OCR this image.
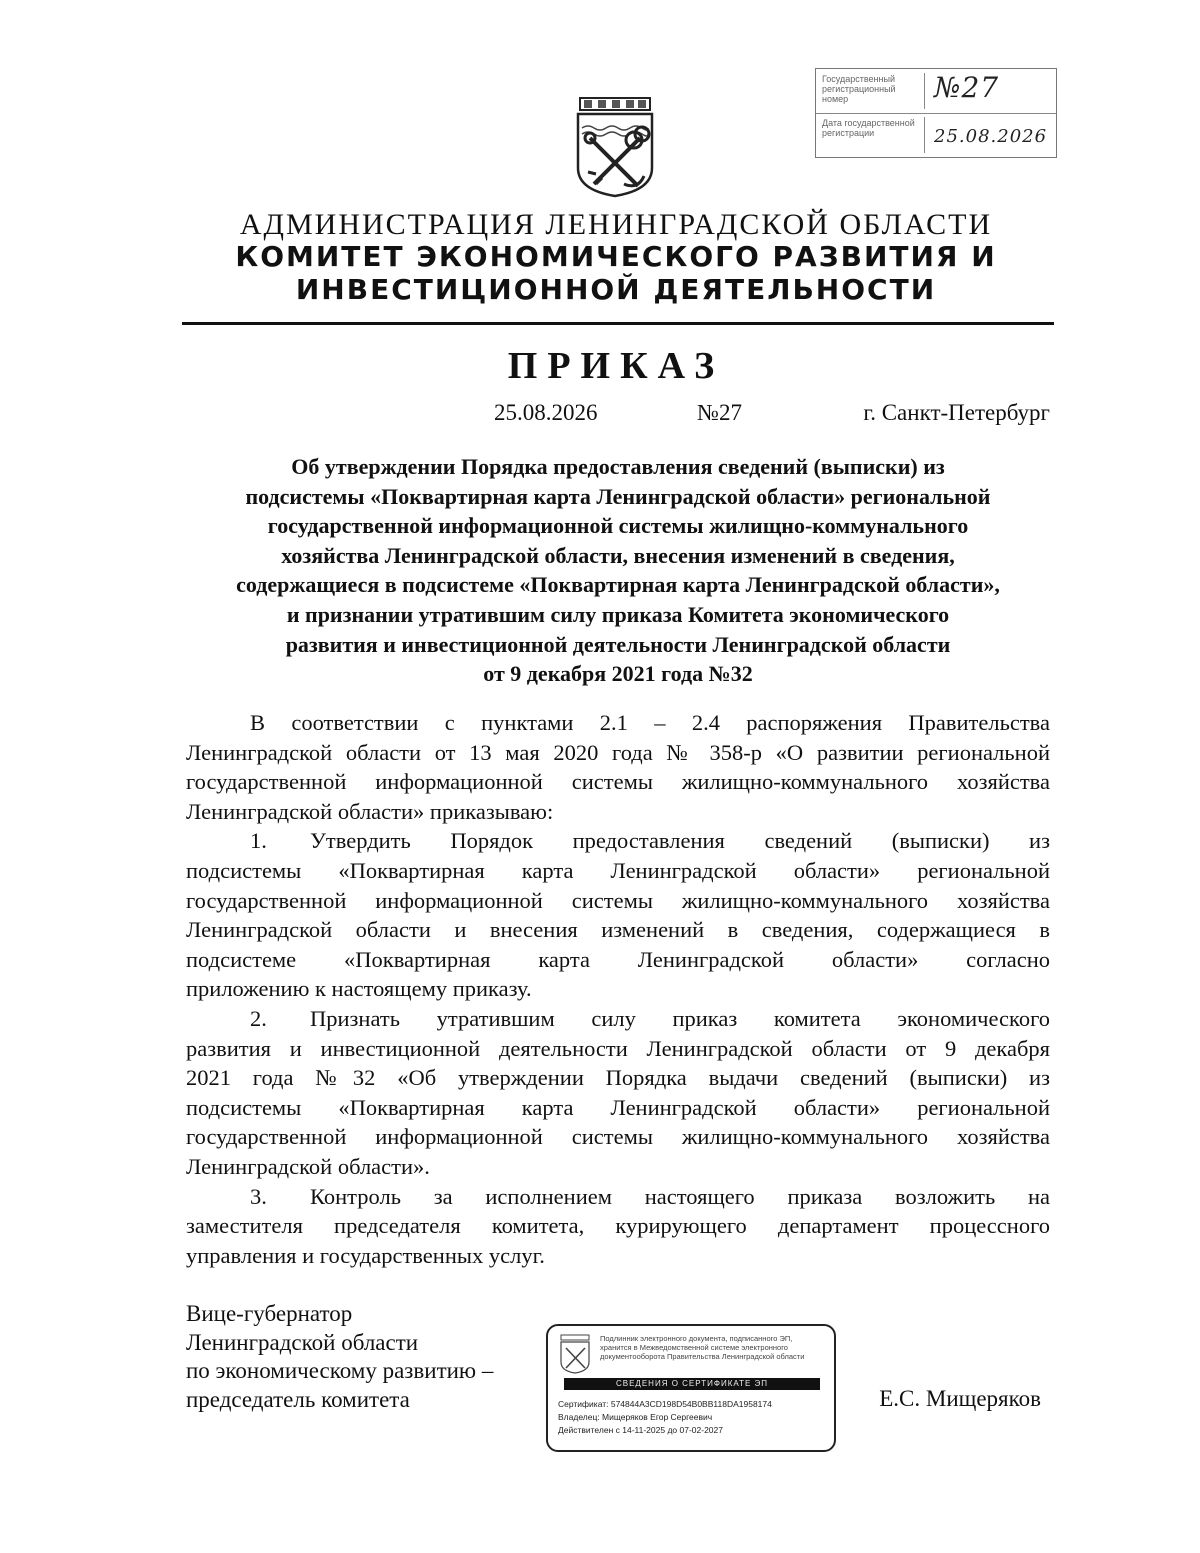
Государственный регистрационный номер	№27
Дата государственной регистрации	25.08.2026
АДМИНИСТРАЦИЯ ЛЕНИНГРАДСКОЙ ОБЛАСТИ
КОМИТЕТ ЭКОНОМИЧЕСКОГО РАЗВИТИЯ И
ИНВЕСТИЦИОННОЙ ДЕЯТЕЛЬНОСТИ
ПРИКАЗ
25.08.2026	№27	г. Санкт-Петербург
Об утверждении Порядка предоставления сведений (выписки) из
подсистемы «Поквартирная карта Ленинградской области» региональной
государственной информационной системы жилищно-коммунального
хозяйства Ленинградской области, внесения изменений в сведения,
содержащиеся в подсистеме «Поквартирная карта Ленинградской области»,
и признании утратившим силу приказа Комитета экономического
развития и инвестиционной деятельности Ленинградской области
от 9 декабря 2021 года №32
В соответствии с пунктами 2.1 – 2.4 распоряжения Правительства
Ленинградской области от 13 мая 2020 года № 358-р «О развитии региональной
государственной информационной системы жилищно-коммунального хозяйства
Ленинградской области» приказываю:
1.	Утвердить Порядок предоставления сведений (выписки) из
подсистемы «Поквартирная карта Ленинградской области» региональной
государственной информационной системы жилищно-коммунального хозяйства
Ленинградской области и внесения изменений в сведения, содержащиеся в
подсистеме «Поквартирная карта Ленинградской области» согласно
приложению к настоящему приказу.
2.	Признать утратившим силу приказ комитета экономического
развития и инвестиционной деятельности Ленинградской области от 9 декабря
2021 года №32 «Об утверждении Порядка выдачи сведений (выписки) из
подсистемы «Поквартирная карта Ленинградской области» региональной
государственной информационной системы жилищно-коммунального хозяйства
Ленинградской области».
3.	Контроль за исполнением настоящего приказа возложить на
заместителя председателя комитета, курирующего департамент процессного
управления и государственных услуг.
Вице-губернатор
Ленинградской области
по экономическому развитию –
председатель комитета
Подлинник электронного документа, подписанного ЭП,
хранится в Межведомственной системе электронного
документооборота Правительства Ленинградской области
СВЕДЕНИЯ О СЕРТИФИКАТЕ ЭП
Сертификат: 574844A3CD198D54B0BB118DA1958174
Владелец: Мищеряков Егор Сергеевич
Действителен с 14-11-2025 до 07-02-2027
Е.С. Мищеряков
